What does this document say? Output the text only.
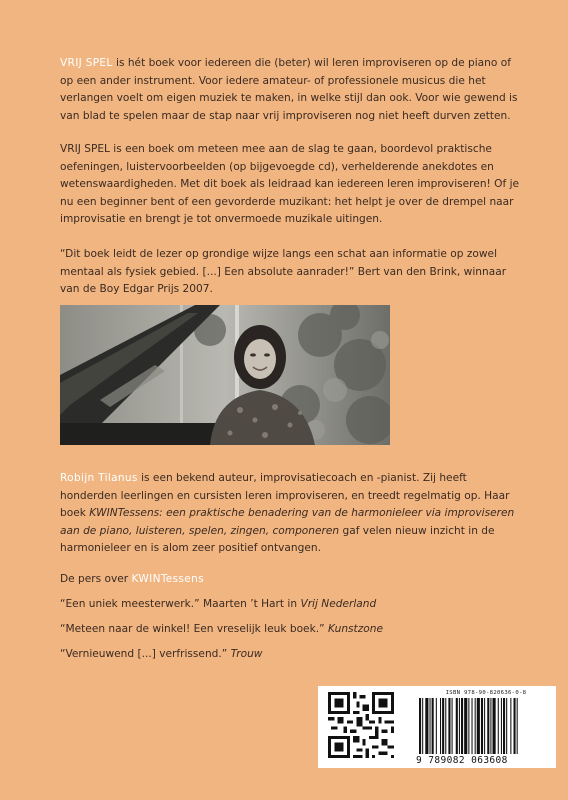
VRIJ SPEL is hét boek voor iedereen die (beter) wil leren improviseren op de piano of op een ander instrument. Voor iedere amateur- of professionele musicus die het verlangen voelt om eigen muziek te maken, in welke stijl dan ook. Voor wie gewend is van blad te spelen maar de stap naar vrij improviseren nog niet heeft durven zetten.

VRIJ SPEL is een boek om meteen mee aan de slag te gaan, boordevol praktische oefeningen, luistervoorbeelden (op bijgevoegde cd), verhelderende anekdotes en wetenswaardigheden. Met dit boek als leidraad kan iedereen leren improviseren! Of je nu een beginner bent of een gevorderde muzikant: het helpt je over de drempel naar improvisatie en brengt je tot onvermoede muzikale uitingen.

“Dit boek leidt de lezer op grondige wijze langs een schat aan informatie op zowel mentaal als fysiek gebied. [...] Een absolute aanrader!” Bert van den Brink, winnaar van de Boy Edgar Prijs 2007.

Robijn Tilanus is een bekend auteur, improvisatiecoach en -pianist. Zij heeft honderden leerlingen en cursisten leren improviseren, en treedt regelmatig op. Haar boek KWINTessens: een praktische benadering van de harmonieleer via improviseren aan de piano, luisteren, spelen, zingen, componeren gaf velen nieuw inzicht in de harmonieleer en is alom zeer positief ontvangen.

De pers over KWINTessens

“Een uniek meesterwerk.” Maarten ’t Hart in Vrij Nederland

“Meteen naar de winkel! Een vreselijk leuk boek.” Kunstzone

“Vernieuwend [...] verfrissend.” Trouw

ISBN 978-90-820636-0-8
9 789082 063608
